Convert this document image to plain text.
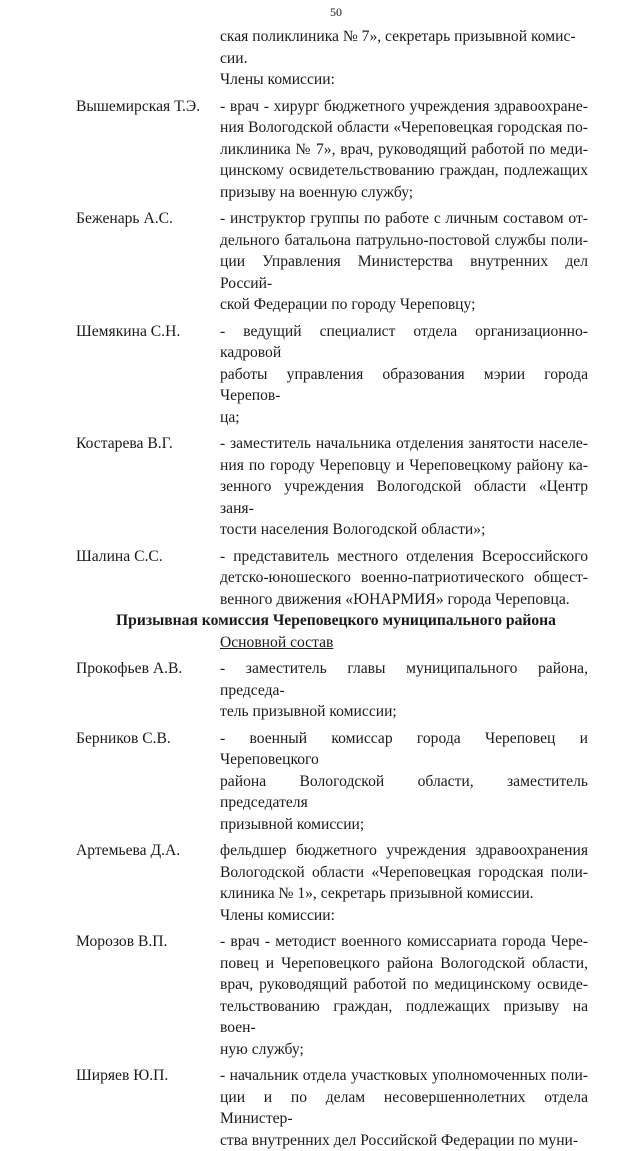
50
ская поликлиника № 7», секретарь призывной комис-
сии.
Члены комиссии:
Вышемирская Т.Э.	- врач - хирург бюджетного учреждения здравоохране-
ния Вологодской области «Череповецкая городская по-
ликлиника № 7», врач, руководящий работой по меди-
цинскому освидетельствованию граждан, подлежащих
призыву на военную службу;
Беженарь А.С.	- инструктор группы по работе с личным составом от-
дельного батальона патрульно-постовой службы поли-
ции Управления Министерства внутренних дел Россий-
ской Федерации по городу Череповцу;
Шемякина С.Н.	- ведущий специалист отдела организационно-кадровой
работы управления образования мэрии города Черепов-
ца;
Костарева В.Г.	- заместитель начальника отделения занятости населе-
ния по городу Череповцу и Череповецкому району ка-
зенного учреждения Вологодской области «Центр заня-
тости населения Вологодской области»;
Шалина С.С.	- представитель местного отделения Всероссийского
детско-юношеского военно-патриотического общест-
венного движения «ЮНАРМИЯ» города Череповца.
Призывная комиссия Череповецкого муниципального района
Основной состав
Прокофьев А.В.	- заместитель главы муниципального района, председа-
тель призывной комиссии;
Берников С.В.	- военный комиссар города Череповец и Череповецкого
района Вологодской области, заместитель председателя
призывной комиссии;
Артемьева Д.А.	фельдшер бюджетного учреждения здравоохранения
Вологодской области «Череповецкая городская поли-
клиника № 1», секретарь призывной комиссии.
Члены комиссии:
Морозов В.П.	- врач - методист военного комиссариата города Чере-
повец и Череповецкого района Вологодской области,
врач, руководящий работой по медицинскому освиде-
тельствованию граждан, подлежащих призыву на воен-
ную службу;
Ширяев Ю.П.	- начальник отдела участковых уполномоченных поли-
ции и по делам несовершеннолетних отдела Министер-
ства внутренних дел Российской Федерации по муни-
